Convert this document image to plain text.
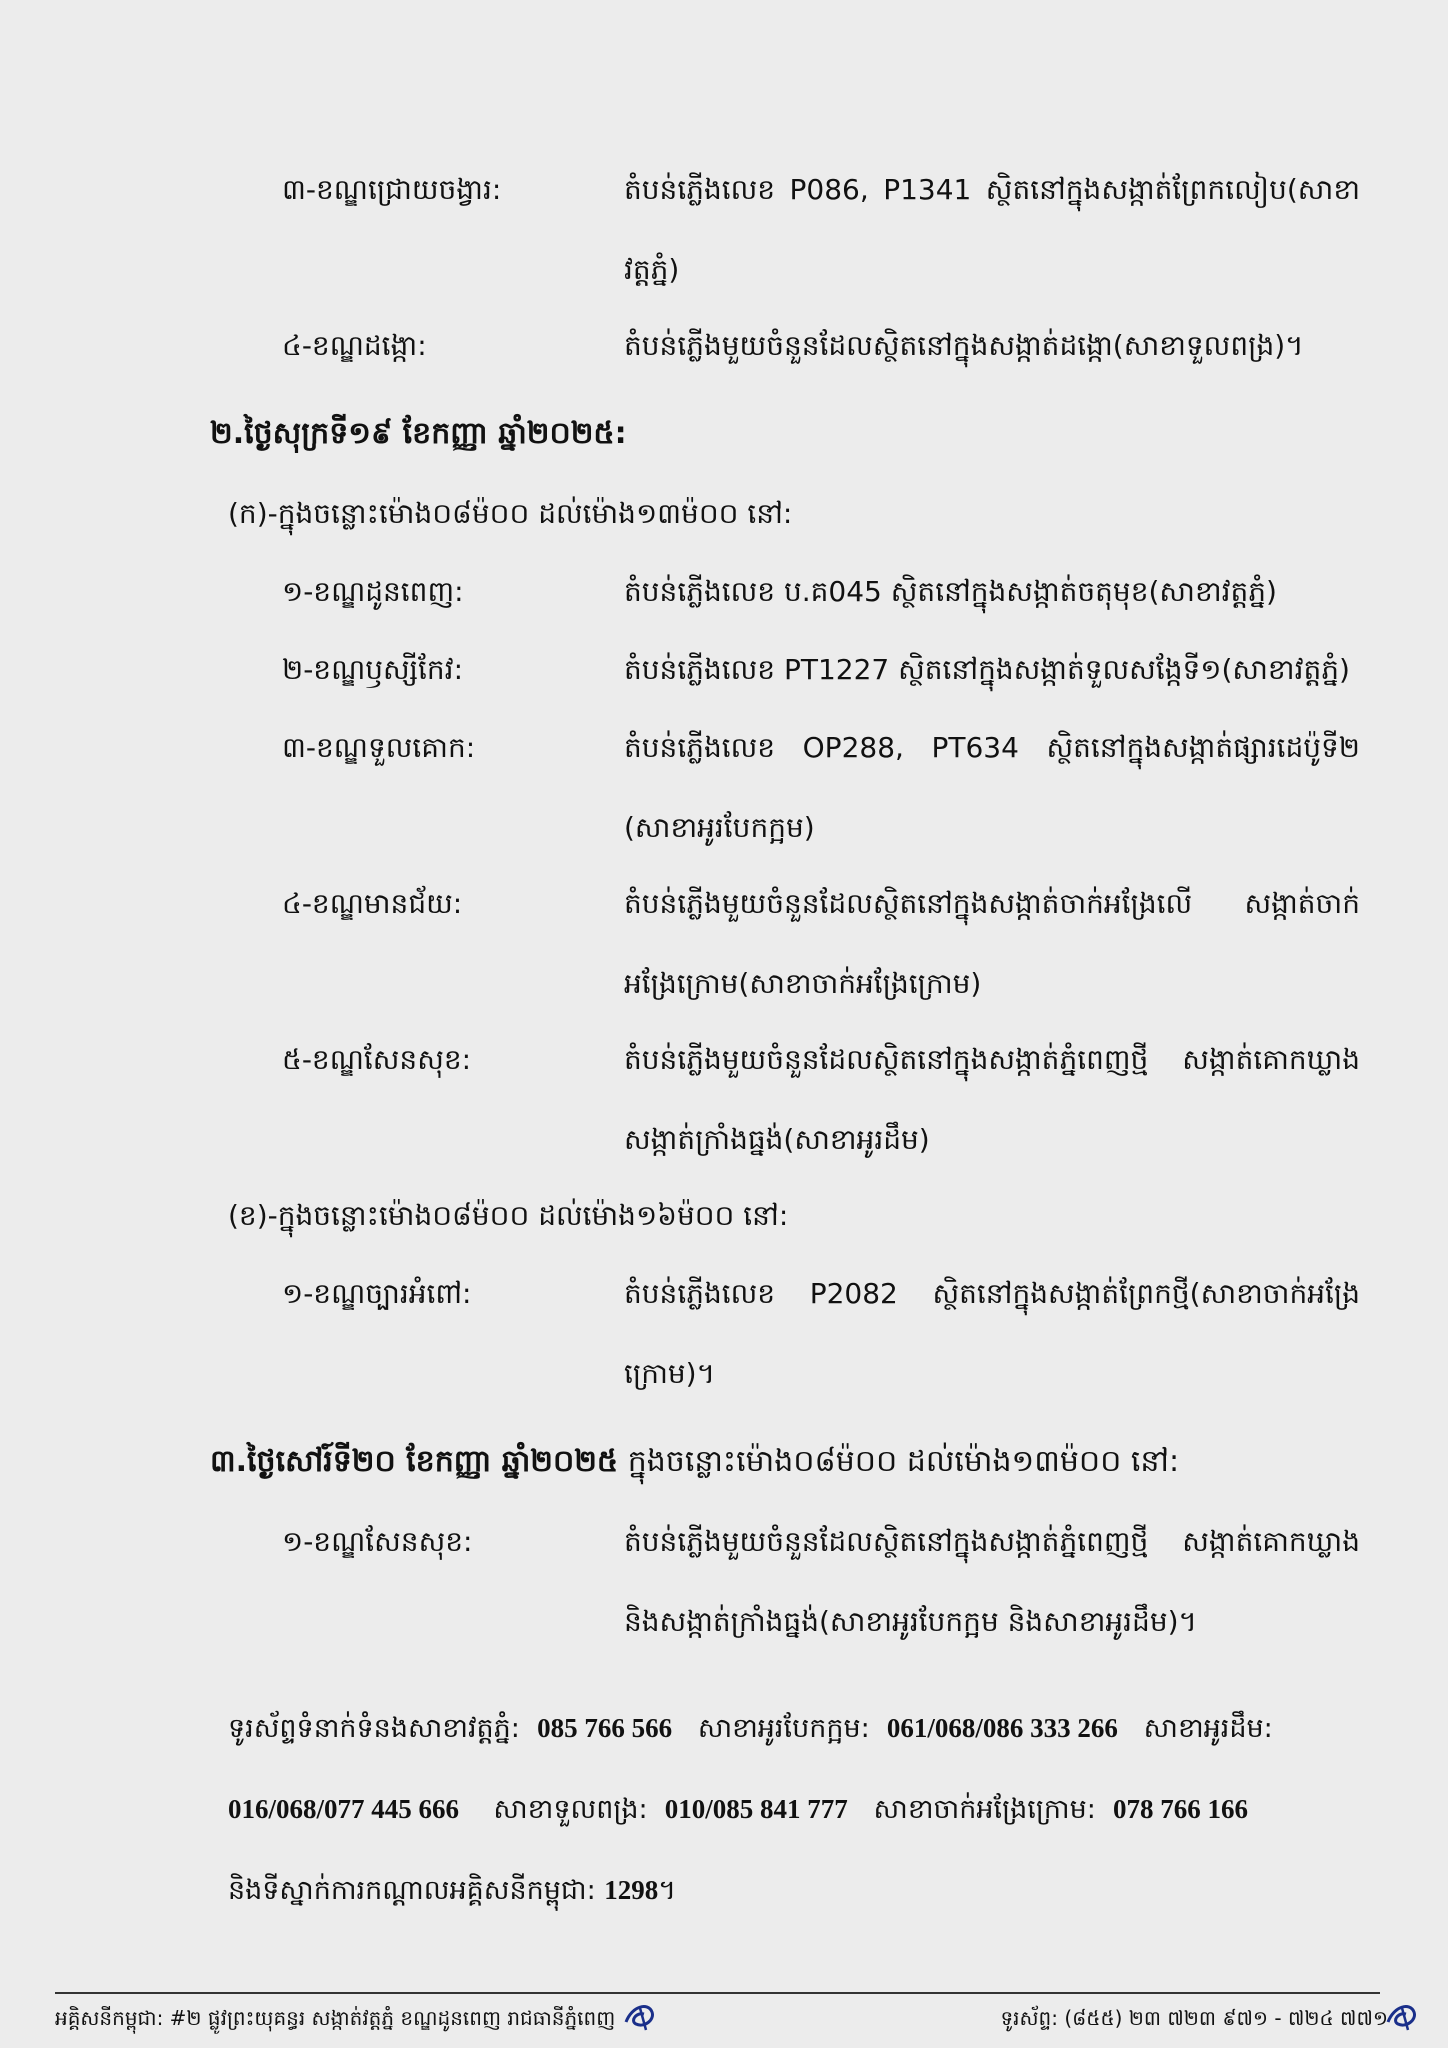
៣-ខណ្ឌជ្រោយចង្វារ:	តំបន់ភ្លើងលេខ P086, P1341 ស្ថិតនៅក្នុងសង្កាត់ព្រែកលៀប(សាខាវត្តភ្នំ)
៤-ខណ្ឌដង្កោ:	តំបន់ភ្លើងមួយចំនួនដែលស្ថិតនៅក្នុងសង្កាត់ដង្កោ(សាខាទួលពង្រ)។
២.ថ្ងៃសុក្រទី១៩ ខែកញ្ញា ឆ្នាំ២០២៥:
(ក)-ក្នុងចន្លោះម៉ោង០៨ម៉០០ ដល់ម៉ោង១៣ម៉០០ នៅ:
១-ខណ្ឌដូនពេញ:	តំបន់ភ្លើងលេខ ប.គ045 ស្ថិតនៅក្នុងសង្កាត់ចតុមុខ(សាខាវត្តភ្នំ)
២-ខណ្ឌឫស្សីកែវ:	តំបន់ភ្លើងលេខ PT1227 ស្ថិតនៅក្នុងសង្កាត់ទួលសង្កែទី១(សាខាវត្តភ្នំ)
៣-ខណ្ឌទួលគោក:	តំបន់ភ្លើងលេខ OP288, PT634 ស្ថិតនៅក្នុងសង្កាត់ផ្សារដេប៉ូទី២ (សាខាអូរបែកក្អម)
៤-ខណ្ឌមានជ័យ:	តំបន់ភ្លើងមួយចំនួនដែលស្ថិតនៅក្នុងសង្កាត់ចាក់អង្រែលើ សង្កាត់ចាក់អង្រែក្រោម(សាខាចាក់អង្រែក្រោម)
៥-ខណ្ឌសែនសុខ:	តំបន់ភ្លើងមួយចំនួនដែលស្ថិតនៅក្នុងសង្កាត់ភ្នំពេញថ្មី សង្កាត់គោកឃ្លាង សង្កាត់ក្រាំងធ្នង់(សាខាអូរដឹម)
(ខ)-ក្នុងចន្លោះម៉ោង០៨ម៉០០ ដល់ម៉ោង១៦ម៉០០ នៅ:
១-ខណ្ឌច្បារអំពៅ:	តំបន់ភ្លើងលេខ P2082 ស្ថិតនៅក្នុងសង្កាត់ព្រែកថ្មី(សាខាចាក់អង្រែក្រោម)។
៣.ថ្ងៃសៅរ៍ទី២០ ខែកញ្ញា ឆ្នាំ២០២៥ ក្នុងចន្លោះម៉ោង០៨ម៉០០ ដល់ម៉ោង១៣ម៉០០ នៅ:
១-ខណ្ឌសែនសុខ:	តំបន់ភ្លើងមួយចំនួនដែលស្ថិតនៅក្នុងសង្កាត់ភ្នំពេញថ្មី សង្កាត់គោកឃ្លាង និងសង្កាត់ក្រាំងធ្នង់(សាខាអូរបែកក្អម និងសាខាអូរដឹម)។
ទូរស័ព្ទទំនាក់ទំនងសាខាវត្តភ្នំ: 085 766 566 សាខាអូរបែកក្អម: 061/068/086 333 266 សាខាអូរដឹម: 016/068/077 445 666 សាខាទួលពង្រ: 010/085 841 777 សាខាចាក់អង្រែក្រោម: 078 766 166
និងទីស្នាក់ការកណ្តាលអគ្គិសនីកម្ពុជា: 1298។
អគ្គិសនីកម្ពុជា: #២ ផ្លូវព្រះយុគន្ធរ សង្កាត់វត្តភ្នំ ខណ្ឌដូនពេញ រាជធានីភ្នំពេញ	ទូរស័ព្ទ: (៨៥៥) ២៣ ៧២៣ ៩៧១ - ៧២៤ ៧៧១
